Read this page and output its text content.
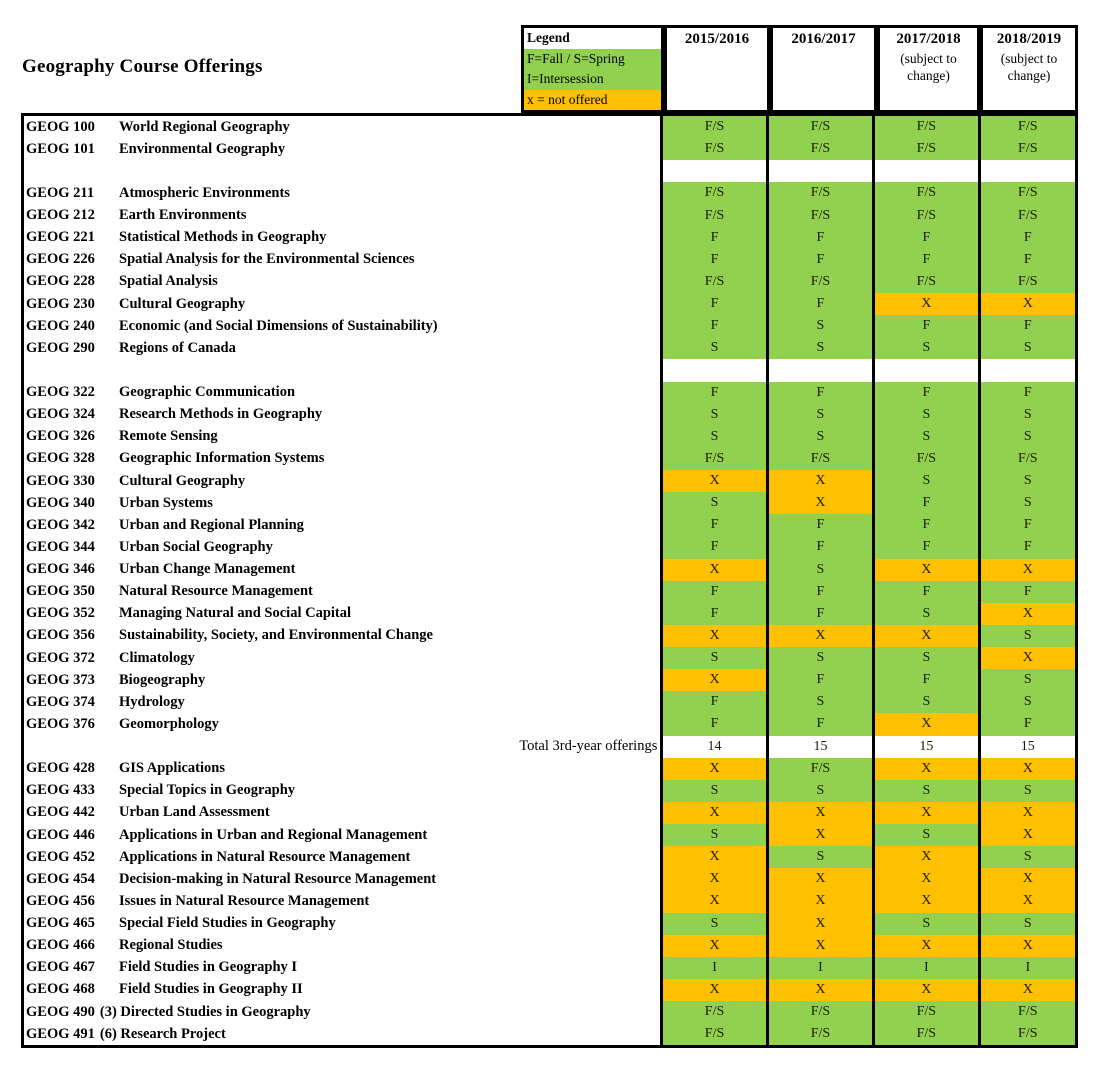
Geography Course Offerings
Legend
F=Fall / S=Spring
I=Intersession
x = not offered
2015/2016	2016/2017	2017/2018
(subject to change)
2018/2019
(subject to change)
GEOG 100	World Regional Geography	F/S	F/S	F/S	F/S
GEOG 101	Environmental Geography	F/S	F/S	F/S	F/S
GEOG 211	Atmospheric Environments	F/S	F/S	F/S	F/S
GEOG 212	Earth Environments	F/S	F/S	F/S	F/S
GEOG 221	Statistical Methods in Geography	F	F	F	F
GEOG 226	Spatial Analysis for the Environmental Sciences	F	F	F	F
GEOG 228	Spatial Analysis	F/S	F/S	F/S	F/S
GEOG 230	Cultural Geography	F	F	X	X
GEOG 240	Economic (and Social Dimensions of Sustainability)	F	S	F	F
GEOG 290	Regions of Canada	S	S	S	S
GEOG 322	Geographic Communication	F	F	F	F
GEOG 324	Research Methods in Geography	S	S	S	S
GEOG 326	Remote Sensing	S	S	S	S
GEOG 328	Geographic Information Systems	F/S	F/S	F/S	F/S
GEOG 330	Cultural Geography	X	X	S	S
GEOG 340	Urban Systems	S	X	F	S
GEOG 342	Urban and Regional Planning	F	F	F	F
GEOG 344	Urban Social Geography	F	F	F	F
GEOG 346	Urban Change Management	X	S	X	X
GEOG 350	Natural Resource Management	F	F	F	F
GEOG 352	Managing Natural and Social Capital	F	F	S	X
GEOG 356	Sustainability, Society, and Environmental Change	X	X	X	S
GEOG 372	Climatology	S	S	S	X
GEOG 373	Biogeography	X	F	F	S
GEOG 374	Hydrology	F	S	S	S
GEOG 376	Geomorphology	F	F	X	F
Total 3rd-year offerings	14	15	15	15
GEOG 428	GIS Applications	X	F/S	X	X
GEOG 433	Special Topics in Geography	S	S	S	S
GEOG 442	Urban Land Assessment	X	X	X	X
GEOG 446	Applications in Urban and Regional Management	S	X	S	X
GEOG 452	Applications in Natural Resource Management	X	S	X	S
GEOG 454	Decision-making in Natural Resource Management	X	X	X	X
GEOG 456	Issues in Natural Resource Management	X	X	X	X
GEOG 465	Special Field Studies in Geography	S	X	S	S
GEOG 466	Regional Studies	X	X	X	X
GEOG 467	Field Studies in Geography I	I	I	I	I
GEOG 468	Field Studies in Geography II	X	X	X	X
GEOG 490 (3) Directed Studies in Geography	F/S	F/S	F/S	F/S
GEOG 491 (6) Research Project	F/S	F/S	F/S	F/S
